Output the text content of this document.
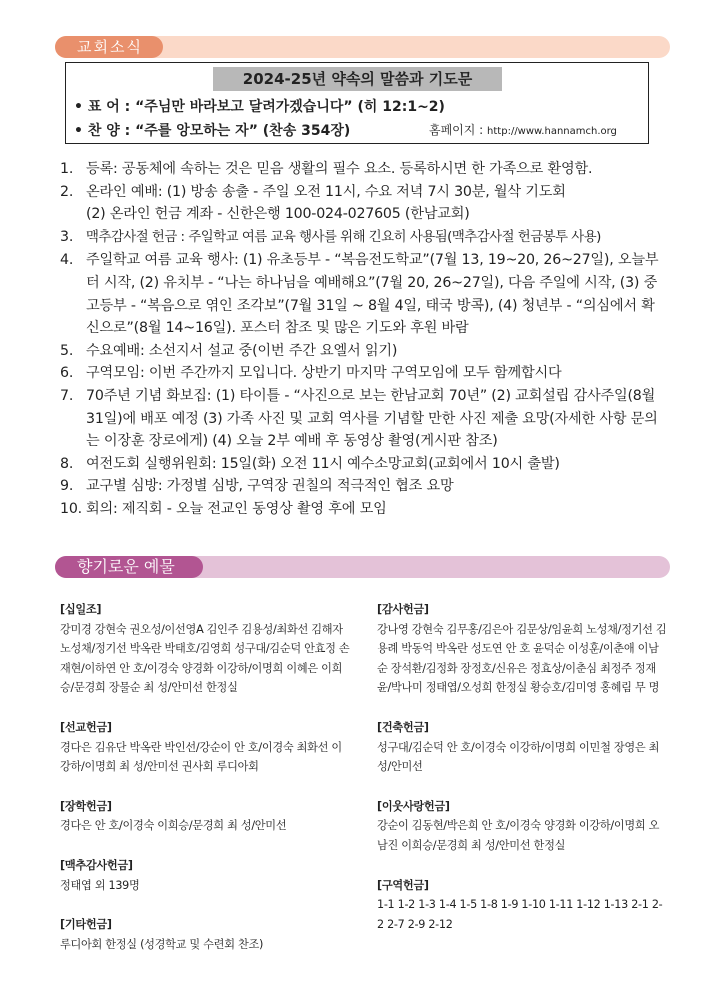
교회소식
2024-25년 약속의 말씀과 기도문
• 표 어 : “주님만 바라보고 달려가겠습니다” (히 12:1~2)
• 찬 양 : “주를 앙모하는 자” (찬송 354장)	홈페이지 : http://www.hannamch.org
1. 등록: 공동체에 속하는 것은 믿음 생활의 필수 요소. 등록하시면 한 가족으로 환영함.
2. 온라인 예배: (1) 방송 송출 - 주일 오전 11시, 수요 저녁 7시 30분, 월삭 기도회
(2) 온라인 헌금 계좌 - 신한은행 100-024-027605 (한남교회)
3. 맥추감사절 헌금 : 주일학교 여름 교육 행사를 위해 긴요히 사용됨(맥추감사절 헌금봉투 사용)
4. 주일학교 여름 교육 행사: (1) 유초등부 - “복음전도학교”(7월 13, 19~20, 26~27일), 오늘부터 시작, (2) 유치부 - “나는 하나님을 예배해요”(7월 20, 26~27일), 다음 주일에 시작, (3) 중고등부 - “복음으로 엮인 조각보”(7월 31일 ~ 8월 4일, 태국 방콕), (4) 청년부 - “의심에서 확신으로”(8월 14~16일). 포스터 참조 및 많은 기도와 후원 바람
5. 수요예배: 소선지서 설교 중(이번 주간 요엘서 읽기)
6. 구역모임: 이번 주간까지 모입니다. 상반기 마지막 구역모임에 모두 함께합시다
7. 70주년 기념 화보집: (1) 타이틀 - “사진으로 보는 한남교회 70년” (2) 교회설립 감사주일(8월 31일)에 배포 예정 (3) 가족 사진 및 교회 역사를 기념할 만한 사진 제출 요망(자세한 사항 문의는 이장훈 장로에게) (4) 오늘 2부 예배 후 동영상 촬영(게시판 참조)
8. 여전도회 실행위원회: 15일(화) 오전 11시 예수소망교회(교회에서 10시 출발)
9. 교구별 심방: 가정별 심방, 구역장 권칠의 적극적인 협조 요망
10. 회의: 제직회 - 오늘 전교인 동영상 촬영 후에 모임
향기로운 예물
[십일조]
강미경 강현숙 권오성/이선영A 김인주 김용성/최화선 김해자 노성채/정기선 박옥란 박태호/김영희 성구대/김순덕 안효정 손재현/이하연 안 호/이경숙 양경화 이강하/이명희 이혜은 이희승/문경희 장물순 최 성/안미선 한정실
[선교헌금]
경다은 김유단 박옥란 박인선/강순이 안 호/이경숙 최화선 이강하/이명희 최 성/안미선 권사회 루디아회
[장학헌금]
경다은 안 호/이경숙 이희승/문경희 최 성/안미선
[맥추감사헌금]
정태엽 외 139명
[기타헌금]
루디아회 한정실 (성경학교 및 수련회 찬조)
[감사헌금]
강나영 강현숙 김무홍/김은아 김문상/임윤희 노성채/정기선 김용례 박동억 박옥란 성도연 안 호 윤덕순 이성훈/이춘애 이남순 장석환/김정화 장정호/신유은 정효상/이춘심 최정주 정재윤/박나미 정태엽/오성희 한정실 황승호/김미영 홍혜림 무 명
[건축헌금]
성구대/김순덕 안 호/이경숙 이강하/이명희 이민철 장영은 최 성/안미선
[이웃사랑헌금]
강순이 김동현/박은희 안 호/이경숙 양경화 이강하/이명희 오남진 이희승/문경희 최 성/안미선 한정실
[구역헌금]
1-1 1-2 1-3 1-4 1-5 1-8 1-9 1-10 1-11 1-12 1-13 2-1 2-2 2-7 2-9 2-12
